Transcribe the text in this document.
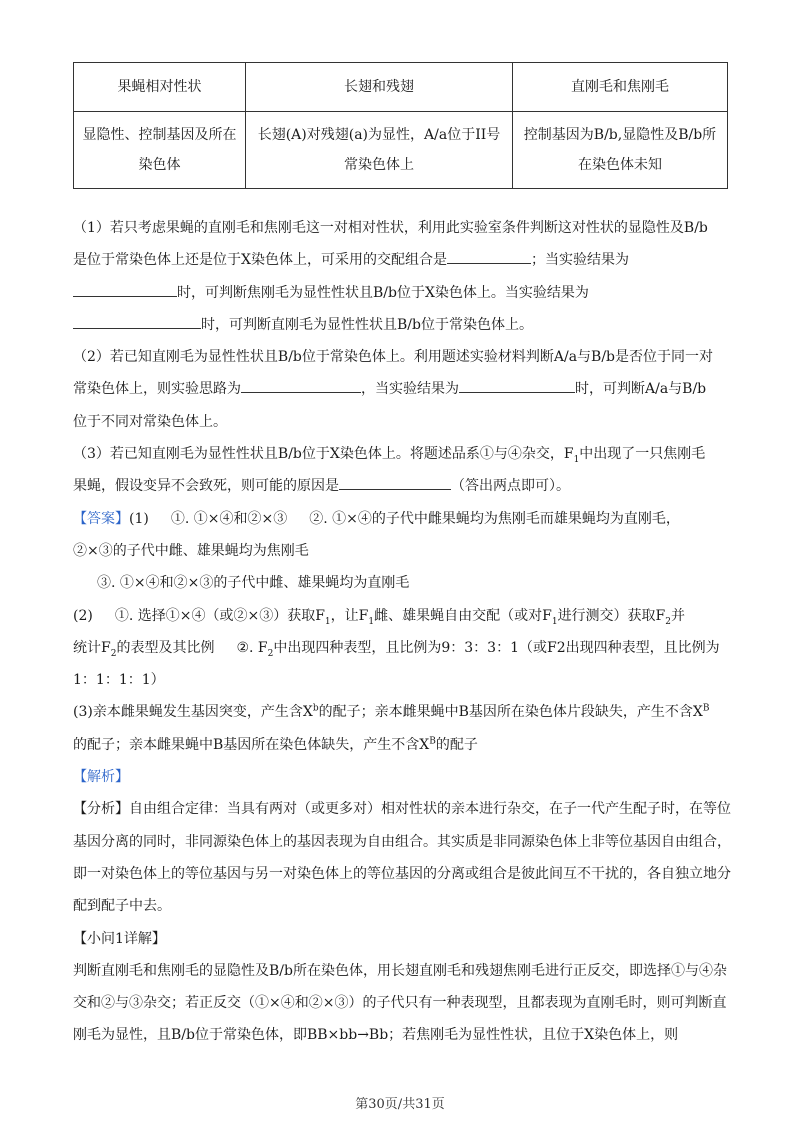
果蝇相对性状	长翅和残翅	直刚毛和焦刚毛
显隐性、控制基因及所在染色体	长翅(A)对残翅(a)为显性，A/a位于II号常染色体上	控制基因为B/b,显隐性及B/b所在染色体未知

（1）若只考虑果蝇的直刚毛和焦刚毛这一对相对性状，利用此实验室条件判断这对性状的显隐性及B/b
是位于常染色体上还是位于X染色体上，可采用的交配组合是	；当实验结果为
时，可判断焦刚毛为显性性状且B/b位于X染色体上。当实验结果为
时，可判断直刚毛为显性性状且B/b位于常染色体上。

（2）若已知直刚毛为显性性状且B/b位于常染色体上。利用题述实验材料判断A/a与B/b是否位于同一对
常染色体上，则实验思路为	，当实验结果为	时，可判断A/a与B/b
位于不同对常染色体上。

（3）若已知直刚毛为显性性状且B/b位于X染色体上。将题述品系①与④杂交，$F_1$中出现了一只焦刚毛
果蝇，假设变异不会致死，则可能的原因是	（答出两点即可）。

【答案】(1) ①. ①×④和②×③ ②. ①×④的子代中雌果蝇均为焦刚毛而雄果蝇均为直刚毛，
②×③的子代中雌、雄果蝇均为焦刚毛
③. ①×④和②×③的子代中雌、雄果蝇均为直刚毛
(2) ①. 选择①×④（或②×③）获取$F_1$，让$F_1$雌、雄果蝇自由交配（或对$F_1$进行测交）获取$F_2$并
统计$F_2$的表型及其比例 ②. $F_2$中出现四种表型，且比例为9：3：3：1（或F2出现四种表型，且比例为
1：1：1：1）
(3)亲本雌果蝇发生基因突变，产生含$X^b$的配子；亲本雌果蝇中B基因所在染色体片段缺失，产生不含$X^B$
的配子；亲本雌果蝇中B基因所在染色体缺失，产生不含$X^B$的配子

【解析】
【分析】自由组合定律：当具有两对（或更多对）相对性状的亲本进行杂交，在子一代产生配子时，在等位基因分离的同时，非同源染色体上的基因表现为自由组合。其实质是非同源染色体上非等位基因自由组合，即一对染色体上的等位基因与另一对染色体上的等位基因的分离或组合是彼此间互不干扰的，各自独立地分配到配子中去。
【小问1详解】
判断直刚毛和焦刚毛的显隐性及B/b所在染色体，用长翅直刚毛和残翅焦刚毛进行正反交，即选择①与④杂交和②与③杂交；若正反交（①×④和②×③）的子代只有一种表现型，且都表现为直刚毛时，则可判断直刚毛为显性，且B/b位于常染色体，即BB×bb→Bb；若焦刚毛为显性性状，且位于X染色体上，则

第30页/共31页
